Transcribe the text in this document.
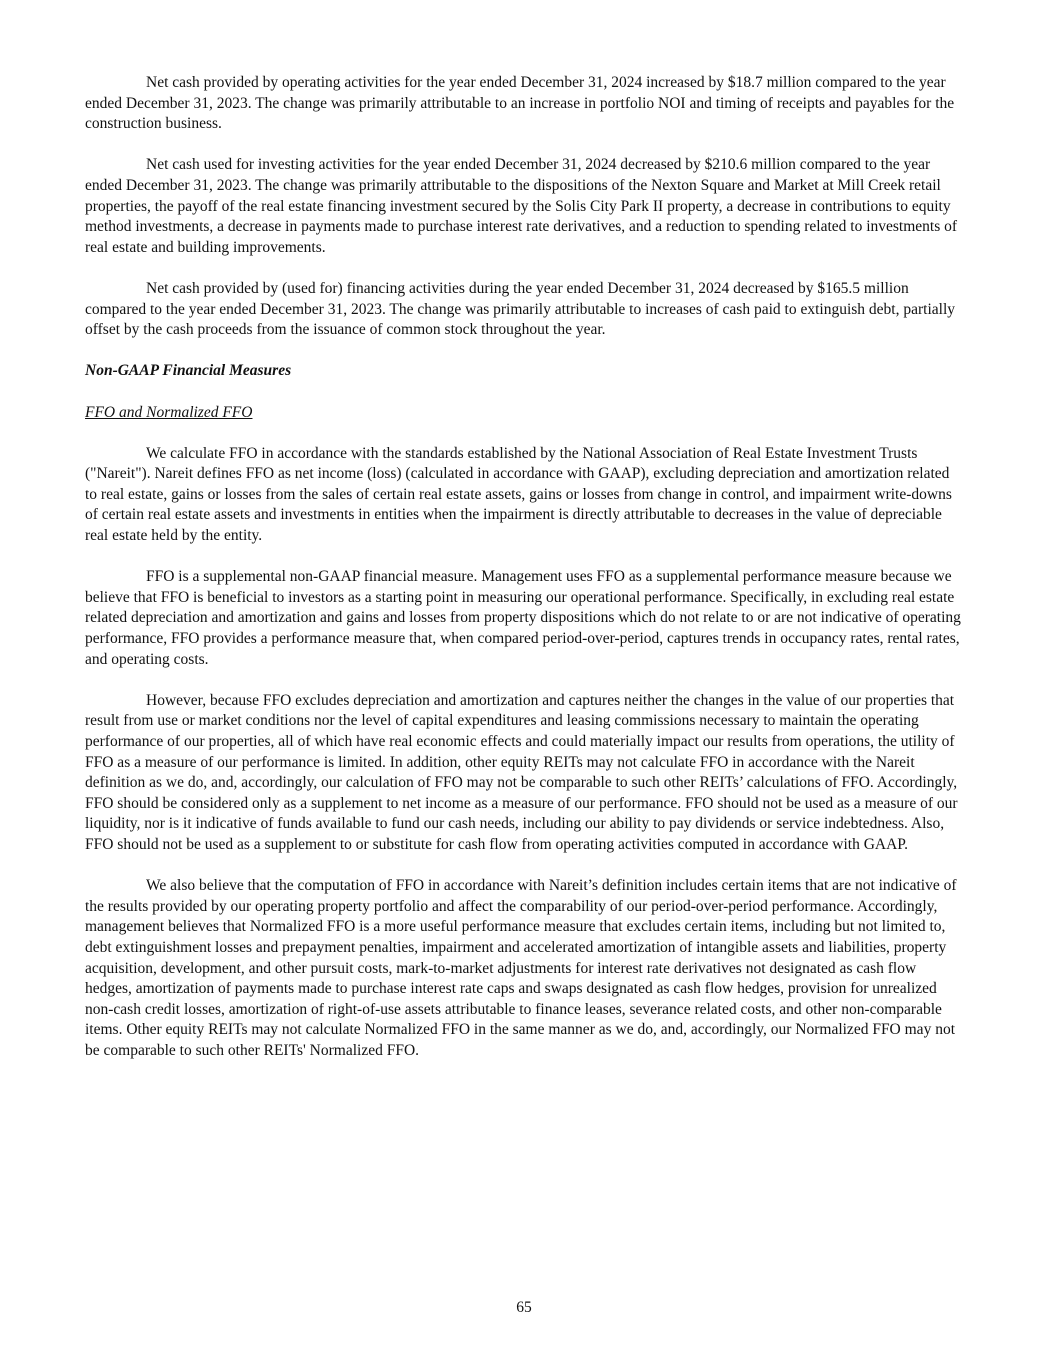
Net cash provided by operating activities for the year ended December 31, 2024 increased by $18.7 million compared to the year ended December 31, 2023. The change was primarily attributable to an increase in portfolio NOI and timing of receipts and payables for the construction business.

Net cash used for investing activities for the year ended December 31, 2024 decreased by $210.6 million compared to the year ended December 31, 2023. The change was primarily attributable to the dispositions of the Nexton Square and Market at Mill Creek retail properties, the payoff of the real estate financing investment secured by the Solis City Park II property, a decrease in contributions to equity method investments, a decrease in payments made to purchase interest rate derivatives, and a reduction to spending related to investments of real estate and building improvements.

Net cash provided by (used for) financing activities during the year ended December 31, 2024 decreased by $165.5 million compared to the year ended December 31, 2023. The change was primarily attributable to increases of cash paid to extinguish debt, partially offset by the cash proceeds from the issuance of common stock throughout the year.

Non-GAAP Financial Measures

FFO and Normalized FFO

We calculate FFO in accordance with the standards established by the National Association of Real Estate Investment Trusts ("Nareit"). Nareit defines FFO as net income (loss) (calculated in accordance with GAAP), excluding depreciation and amortization related to real estate, gains or losses from the sales of certain real estate assets, gains or losses from change in control, and impairment write-downs of certain real estate assets and investments in entities when the impairment is directly attributable to decreases in the value of depreciable real estate held by the entity.

FFO is a supplemental non-GAAP financial measure. Management uses FFO as a supplemental performance measure because we believe that FFO is beneficial to investors as a starting point in measuring our operational performance. Specifically, in excluding real estate related depreciation and amortization and gains and losses from property dispositions which do not relate to or are not indicative of operating performance, FFO provides a performance measure that, when compared period-over-period, captures trends in occupancy rates, rental rates, and operating costs.

However, because FFO excludes depreciation and amortization and captures neither the changes in the value of our properties that result from use or market conditions nor the level of capital expenditures and leasing commissions necessary to maintain the operating performance of our properties, all of which have real economic effects and could materially impact our results from operations, the utility of FFO as a measure of our performance is limited. In addition, other equity REITs may not calculate FFO in accordance with the Nareit definition as we do, and, accordingly, our calculation of FFO may not be comparable to such other REITs’ calculations of FFO. Accordingly, FFO should be considered only as a supplement to net income as a measure of our performance. FFO should not be used as a measure of our liquidity, nor is it indicative of funds available to fund our cash needs, including our ability to pay dividends or service indebtedness. Also, FFO should not be used as a supplement to or substitute for cash flow from operating activities computed in accordance with GAAP.

We also believe that the computation of FFO in accordance with Nareit’s definition includes certain items that are not indicative of the results provided by our operating property portfolio and affect the comparability of our period-over-period performance. Accordingly, management believes that Normalized FFO is a more useful performance measure that excludes certain items, including but not limited to, debt extinguishment losses and prepayment penalties, impairment and accelerated amortization of intangible assets and liabilities, property acquisition, development, and other pursuit costs, mark-to-market adjustments for interest rate derivatives not designated as cash flow hedges, amortization of payments made to purchase interest rate caps and swaps designated as cash flow hedges, provision for unrealized non-cash credit losses, amortization of right-of-use assets attributable to finance leases, severance related costs, and other non-comparable items. Other equity REITs may not calculate Normalized FFO in the same manner as we do, and, accordingly, our Normalized FFO may not be comparable to such other REITs' Normalized FFO.

65
